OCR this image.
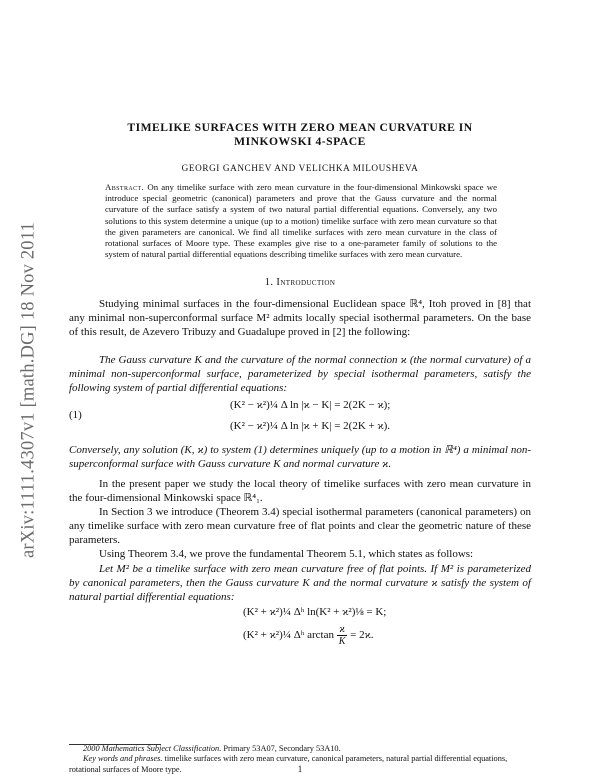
arXiv:1111.4307v1 [math.DG] 18 Nov 2011
TIMELIKE SURFACES WITH ZERO MEAN CURVATURE IN
MINKOWSKI 4-SPACE
GEORGI GANCHEV AND VELICHKA MILOUSHEVA
Abstract. On any timelike surface with zero mean curvature in the four-dimensional Minkowski space we introduce special geometric (canonical) parameters and prove that the Gauss curvature and the normal curvature of the surface satisfy a system of two natural partial differential equations. Conversely, any two solutions to this system determine a unique (up to a motion) timelike surface with zero mean curvature so that the given parameters are canonical. We find all timelike surfaces with zero mean curvature in the class of rotational surfaces of Moore type. These examples give rise to a one-parameter family of solutions to the system of natural partial differential equations describing timelike surfaces with zero mean curvature.
1. Introduction
Studying minimal surfaces in the four-dimensional Euclidean space ℝ⁴, Itoh proved in [8] that any minimal non-superconformal surface M² admits locally special isothermal parameters. On the base of this result, de Azevero Tribuzy and Guadalupe proved in [2] the following:
The Gauss curvature K and the curvature of the normal connection ϰ (the normal curvature) of a minimal non-superconformal surface, parameterized by special isothermal parameters, satisfy the following system of partial differential equations:
(1)
(K² − ϰ²)¼ Δ ln |ϰ − K| = 2(2K − ϰ);
(K² − ϰ²)¼ Δ ln |ϰ + K| = 2(2K + ϰ).
Conversely, any solution (K, ϰ) to system (1) determines uniquely (up to a motion in ℝ⁴) a minimal non-superconformal surface with Gauss curvature K and normal curvature ϰ.
In the present paper we study the local theory of timelike surfaces with zero mean curvature in the four-dimensional Minkowski space ℝ⁴₁.
In Section 3 we introduce (Theorem 3.4) special isothermal parameters (canonical parameters) on any timelike surface with zero mean curvature free of flat points and clear the geometric nature of these parameters.
Using Theorem 3.4, we prove the fundamental Theorem 5.1, which states as follows:
Let M² be a timelike surface with zero mean curvature free of flat points. If M² is parameterized by canonical parameters, then the Gauss curvature K and the normal curvature ϰ satisfy the system of natural partial differential equations:
(K² + ϰ²)¼ Δʰ ln(K² + ϰ²)⅛ = K;
(K² + ϰ²)¼ Δʰ $\arctan \frac{ϰ}{K} = 2ϰ$.
2000 Mathematics Subject Classification. Primary 53A07, Secondary 53A10.
Key words and phrases. timelike surfaces with zero mean curvature, canonical parameters, natural partial differential equations, rotational surfaces of Moore type.	1
